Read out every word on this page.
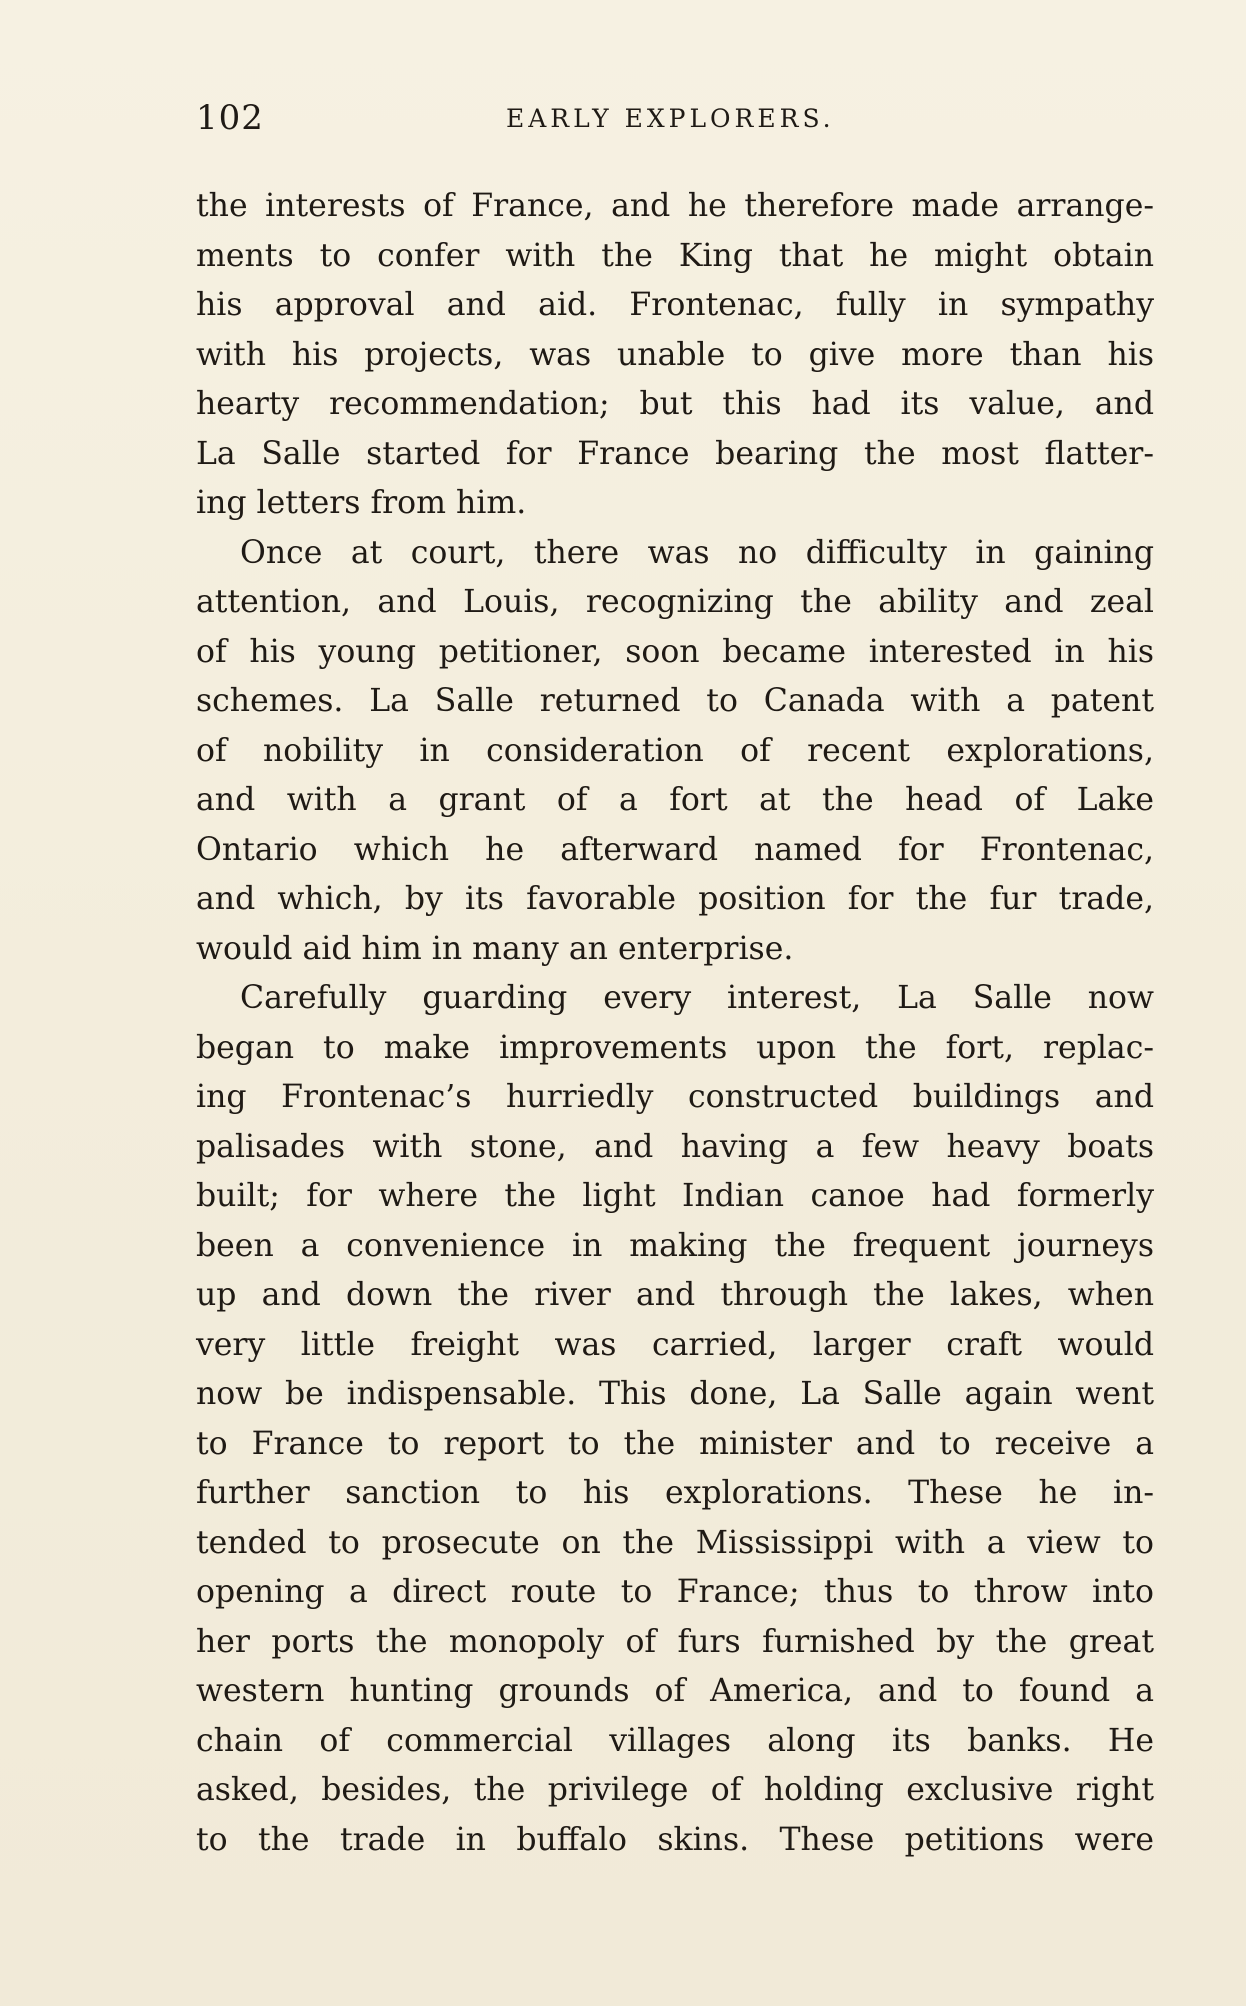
102	EARLY EXPLORERS.
the interests of France, and he therefore made arrange-
ments to confer with the King that he might obtain
his approval and aid. Frontenac, fully in sympathy
with his projects, was unable to give more than his
hearty recommendation; but this had its value, and
La Salle started for France bearing the most flatter-
ing letters from him.
Once at court, there was no difficulty in gaining
attention, and Louis, recognizing the ability and zeal
of his young petitioner, soon became interested in his
schemes. La Salle returned to Canada with a patent
of nobility in consideration of recent explorations,
and with a grant of a fort at the head of Lake
Ontario which he afterward named for Frontenac,
and which, by its favorable position for the fur trade,
would aid him in many an enterprise.
Carefully guarding every interest, La Salle now
began to make improvements upon the fort, replac-
ing Frontenac’s hurriedly constructed buildings and
palisades with stone, and having a few heavy boats
built; for where the light Indian canoe had formerly
been a convenience in making the frequent journeys
up and down the river and through the lakes, when
very little freight was carried, larger craft would
now be indispensable. This done, La Salle again went
to France to report to the minister and to receive a
further sanction to his explorations. These he in-
tended to prosecute on the Mississippi with a view to
opening a direct route to France; thus to throw into
her ports the monopoly of furs furnished by the great
western hunting grounds of America, and to found a
chain of commercial villages along its banks. He
asked, besides, the privilege of holding exclusive right
to the trade in buffalo skins. These petitions were
